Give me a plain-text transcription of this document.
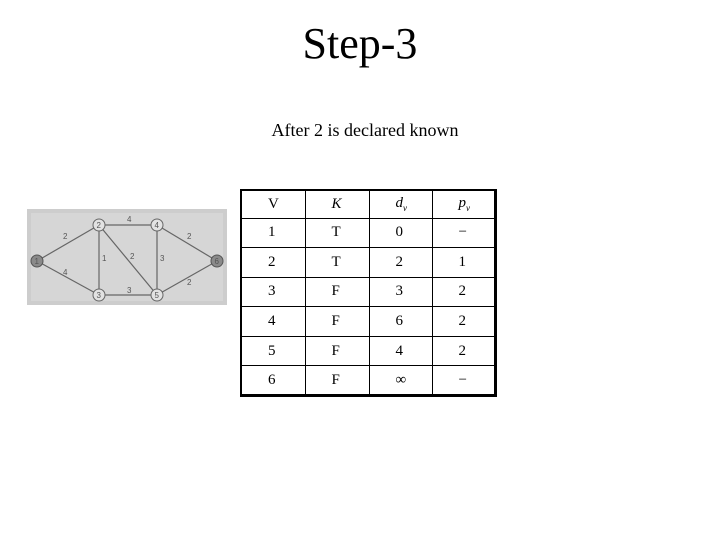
Step-3
After 2 is declared known
2
4
4
2
1	2	3
3
2
1
2
3
4
5
6
V	K	$d_v$	$p_v$
1	T	0	−
2	T	2	1
3	F	3	2
4	F	6	2
5	F	4	2
6	F	∞	−
